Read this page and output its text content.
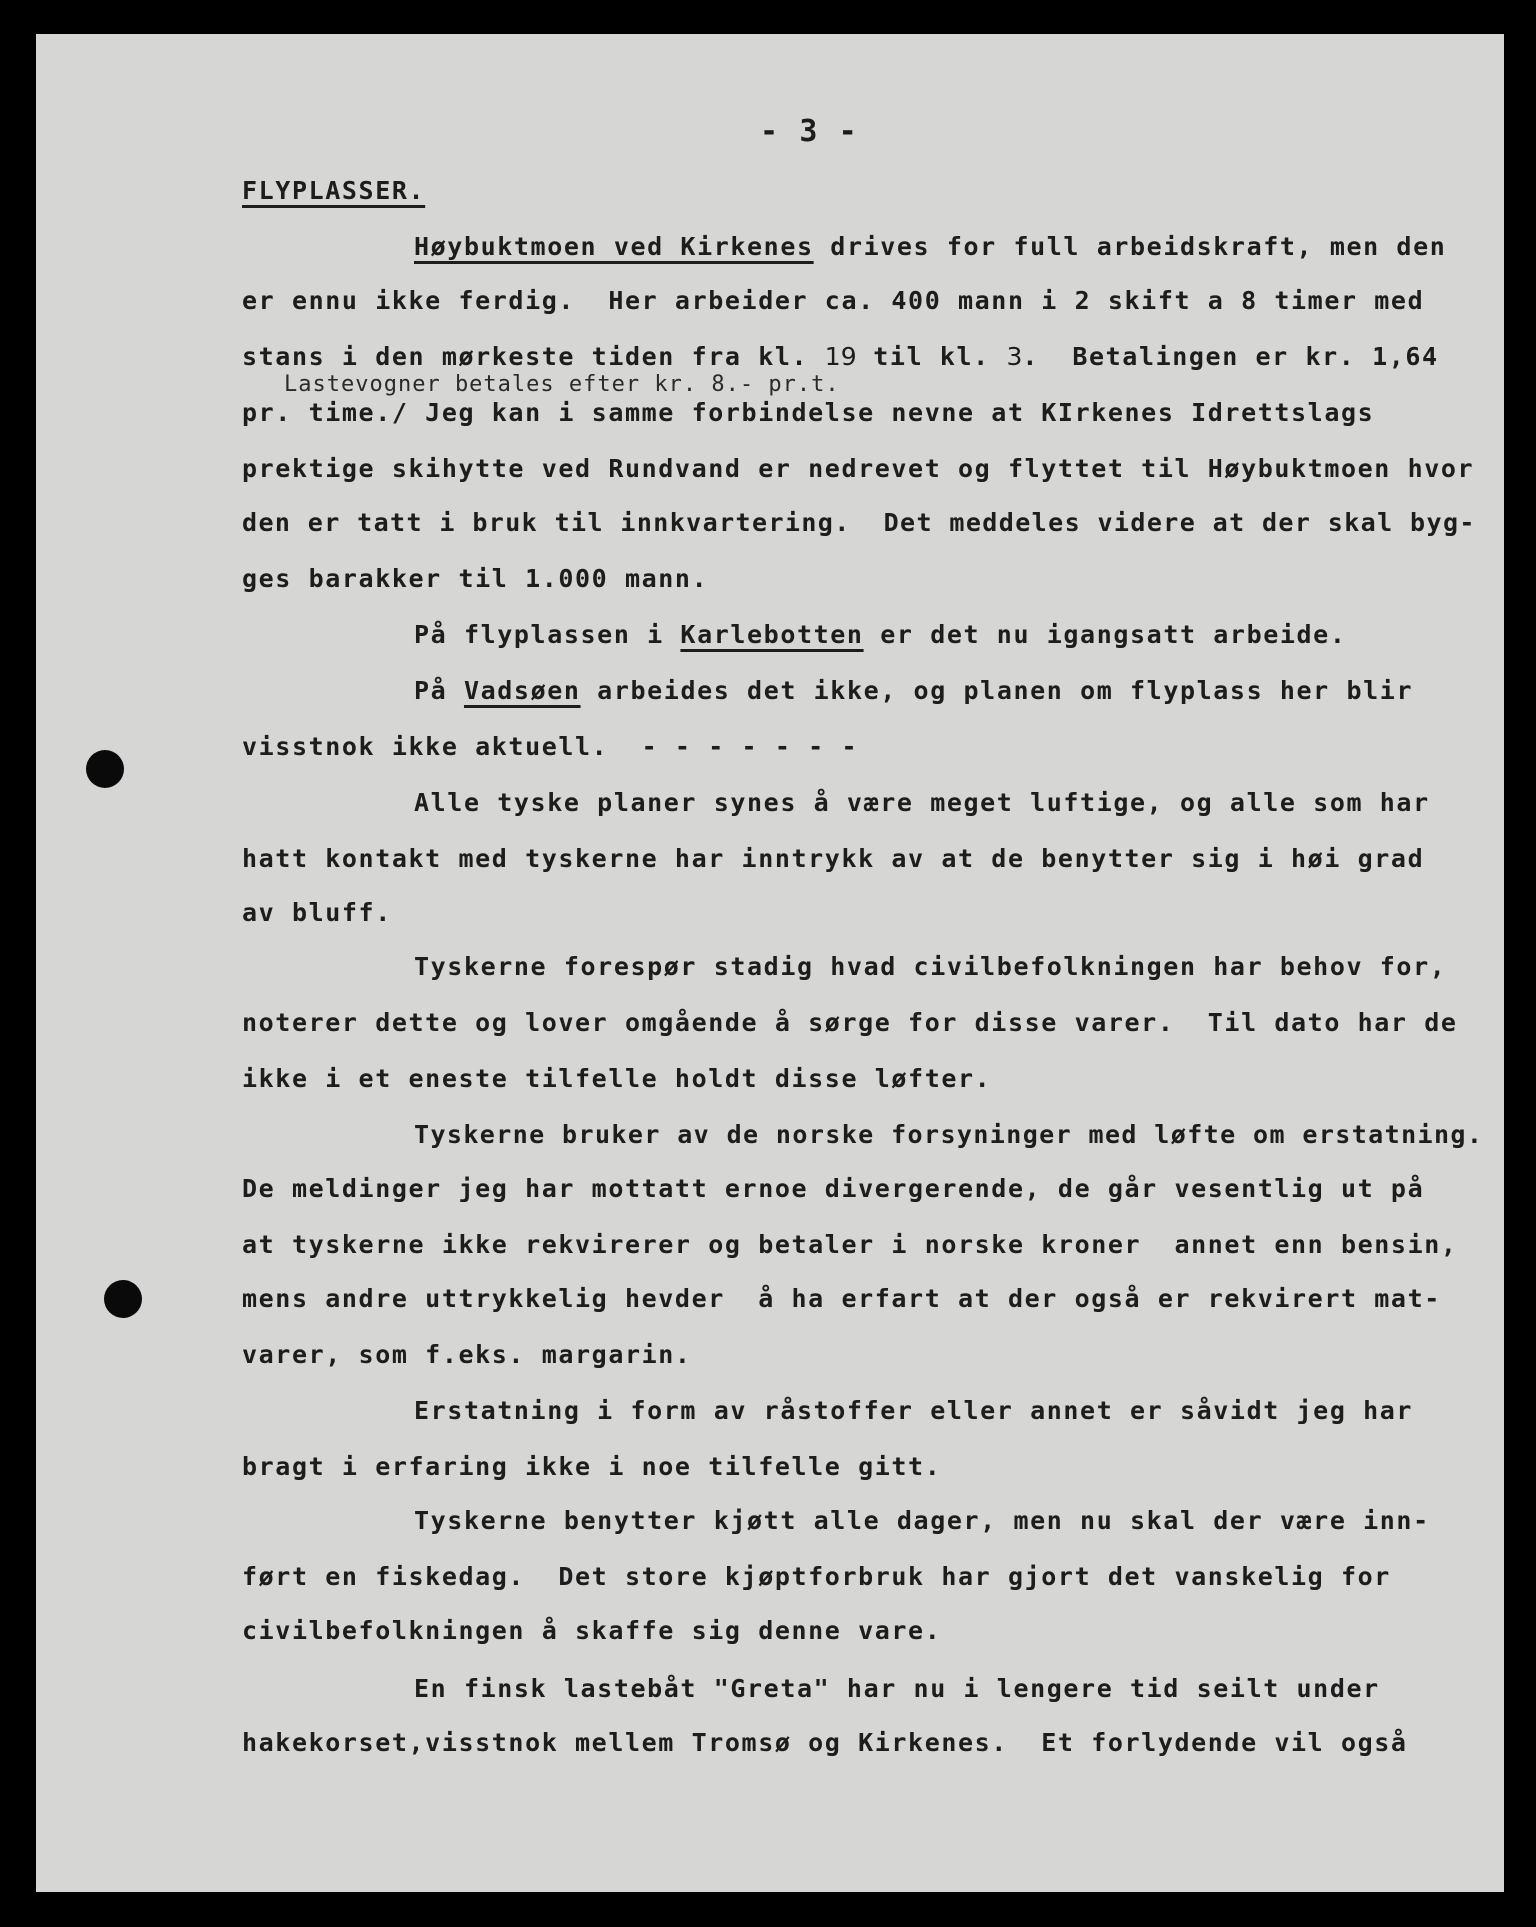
- 3 -
FLYPLASSER.
Høybuktmoen ved Kirkenes drives for full arbeidskraft, men den
er ennu ikke ferdig.  Her arbeider ca. 400 mann i 2 skift a 8 timer med
stans i den mørkeste tiden fra kl. 19 til kl. 3.  Betalingen er kr. 1,64
Lastevogner betales efter kr. 8.- pr.t.
pr. time./ Jeg kan i samme forbindelse nevne at KIrkenes Idrettslags
prektige skihytte ved Rundvand er nedrevet og flyttet til Høybuktmoen hvor
den er tatt i bruk til innkvartering.  Det meddeles videre at der skal byg-
ges barakker til 1.000 mann.
På flyplassen i Karlebotten er det nu igangsatt arbeide.
På Vadsøen arbeides det ikke, og planen om flyplass her blir
visstnok ikke aktuell.  - - - - - - -
Alle tyske planer synes å være meget luftige, og alle som har
hatt kontakt med tyskerne har inntrykk av at de benytter sig i høi grad
av bluff.
Tyskerne forespør stadig hvad civilbefolkningen har behov for,
noterer dette og lover omgående å sørge for disse varer.  Til dato har de
ikke i et eneste tilfelle holdt disse løfter.
Tyskerne bruker av de norske forsyninger med løfte om erstatning.
De meldinger jeg har mottatt ernoe divergerende, de går vesentlig ut på
at tyskerne ikke rekvirerer og betaler i norske kroner  annet enn bensin,
mens andre uttrykkelig hevder  å ha erfart at der også er rekvirert mat-
varer, som f.eks. margarin.
Erstatning i form av råstoffer eller annet er såvidt jeg har
bragt i erfaring ikke i noe tilfelle gitt.
Tyskerne benytter kjøtt alle dager, men nu skal der være inn-
ført en fiskedag.  Det store kjøptforbruk har gjort det vanskelig for
civilbefolkningen å skaffe sig denne vare.
En finsk lastebåt "Greta" har nu i lengere tid seilt under
hakekorset,visstnok mellem Tromsø og Kirkenes.  Et forlydende vil også
